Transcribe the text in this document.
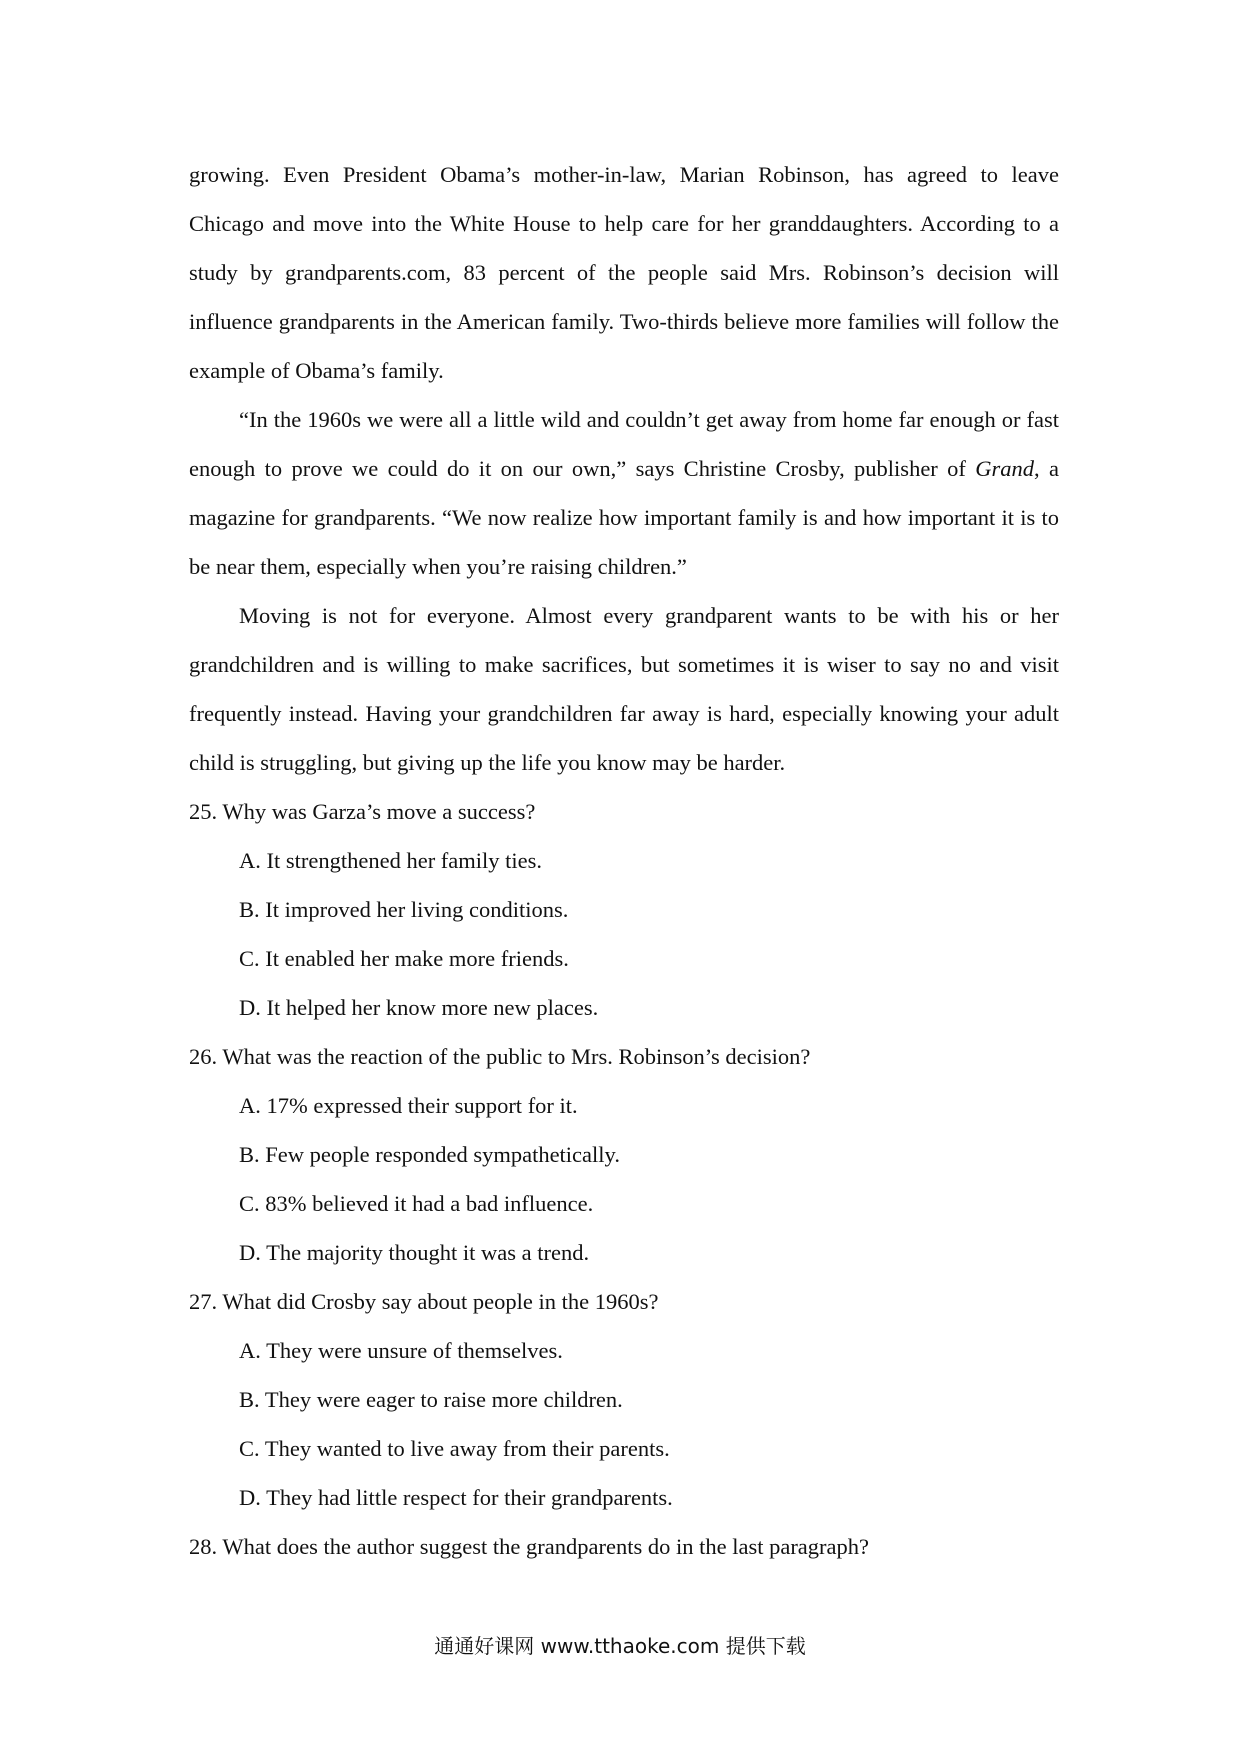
growing. Even President Obama’s mother-in-law, Marian Robinson, has agreed to leave Chicago and move into the White House to help care for her granddaughters. According to a study by grandparents.com, 83 percent of the people said Mrs. Robinson’s decision will influence grandparents in the American family. Two-thirds believe more families will follow the example of Obama’s family.

“In the 1960s we were all a little wild and couldn’t get away from home far enough or fast enough to prove we could do it on our own,” says Christine Crosby, publisher of Grand, a magazine for grandparents. “We now realize how important family is and how important it is to be near them, especially when you’re raising children.”

Moving is not for everyone. Almost every grandparent wants to be with his or her grandchildren and is willing to make sacrifices, but sometimes it is wiser to say no and visit frequently instead. Having your grandchildren far away is hard, especially knowing your adult child is struggling, but giving up the life you know may be harder.

25. Why was Garza’s move a success?

A. It strengthened her family ties.

B. It improved her living conditions.

C. It enabled her make more friends.

D. It helped her know more new places.

26. What was the reaction of the public to Mrs. Robinson’s decision?

A. 17% expressed their support for it.

B. Few people responded sympathetically.

C. 83% believed it had a bad influence.

D. The majority thought it was a trend.

27. What did Crosby say about people in the 1960s?

A. They were unsure of themselves.

B. They were eager to raise more children.

C. They wanted to live away from their parents.

D. They had little respect for their grandparents.

28. What does the author suggest the grandparents do in the last paragraph?

通通好课网 www.tthaoke.com 提供下载
